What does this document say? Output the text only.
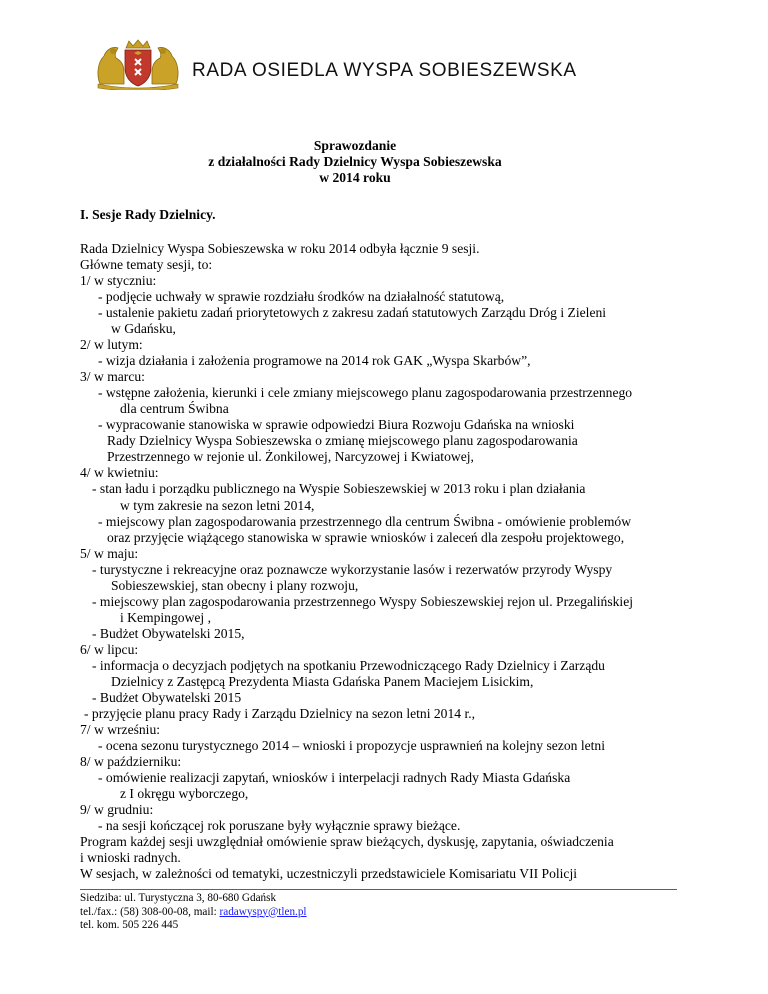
RADA OSIEDLA WYSPA SOBIESZEWSKA
Sprawozdanie
z działalności Rady Dzielnicy Wyspa Sobieszewska
w 2014 roku
I. Sesje Rady Dzielnicy.
Rada Dzielnicy Wyspa Sobieszewska w roku 2014 odbyła łącznie 9 sesji.
Główne tematy sesji, to:
1/ w styczniu:
- podjęcie uchwały w sprawie rozdziału środków na działalność statutową,
- ustalenie pakietu zadań priorytetowych z zakresu zadań statutowych Zarządu Dróg i Zieleni
w Gdańsku,
2/ w lutym:
- wizja działania i założenia programowe na 2014 rok GAK „Wyspa Skarbów”,
3/ w marcu:
- wstępne założenia, kierunki i cele zmiany miejscowego planu zagospodarowania przestrzennego
dla centrum Świbna
- wypracowanie stanowiska w sprawie odpowiedzi Biura Rozwoju Gdańska na wnioski
Rady Dzielnicy Wyspa Sobieszewska o zmianę miejscowego planu zagospodarowania
Przestrzennego w rejonie ul. Żonkilowej, Narcyzowej i Kwiatowej,
4/ w kwietniu:
- stan ładu i porządku publicznego na Wyspie Sobieszewskiej w 2013 roku i plan działania
w tym zakresie na sezon letni 2014,
- miejscowy plan zagospodarowania przestrzennego dla centrum Świbna - omówienie problemów
oraz przyjęcie wiążącego stanowiska w sprawie wniosków i zaleceń dla zespołu projektowego,
5/ w maju:
- turystyczne i rekreacyjne oraz poznawcze wykorzystanie lasów i rezerwatów przyrody Wyspy
Sobieszewskiej, stan obecny i plany rozwoju,
- miejscowy plan zagospodarowania przestrzennego Wyspy Sobieszewskiej rejon ul. Przegalińskiej
i Kempingowej ,
- Budżet Obywatelski 2015,
6/ w lipcu:
- informacja o decyzjach podjętych na spotkaniu Przewodniczącego Rady Dzielnicy i Zarządu
Dzielnicy z Zastępcą Prezydenta Miasta Gdańska Panem Maciejem Lisickim,
- Budżet Obywatelski 2015
- przyjęcie planu pracy Rady i Zarządu Dzielnicy na sezon letni 2014 r.,
7/ w wrześniu:
- ocena sezonu turystycznego 2014 – wnioski i propozycje usprawnień na kolejny sezon letni
8/ w październiku:
- omówienie realizacji zapytań, wniosków i interpelacji radnych Rady Miasta Gdańska
z I okręgu wyborczego,
9/ w grudniu:
- na sesji kończącej rok poruszane były wyłącznie sprawy bieżące.
Program każdej sesji uwzględniał omówienie spraw bieżących, dyskusję, zapytania, oświadczenia
i wnioski radnych.
W sesjach, w zależności od tematyki, uczestniczyli przedstawiciele Komisariatu VII Policji
Siedziba: ul. Turystyczna 3, 80-680 Gdańsk
tel./fax.: (58) 308-00-08, mail: radawyspy@tlen.pl
tel. kom. 505 226 445
